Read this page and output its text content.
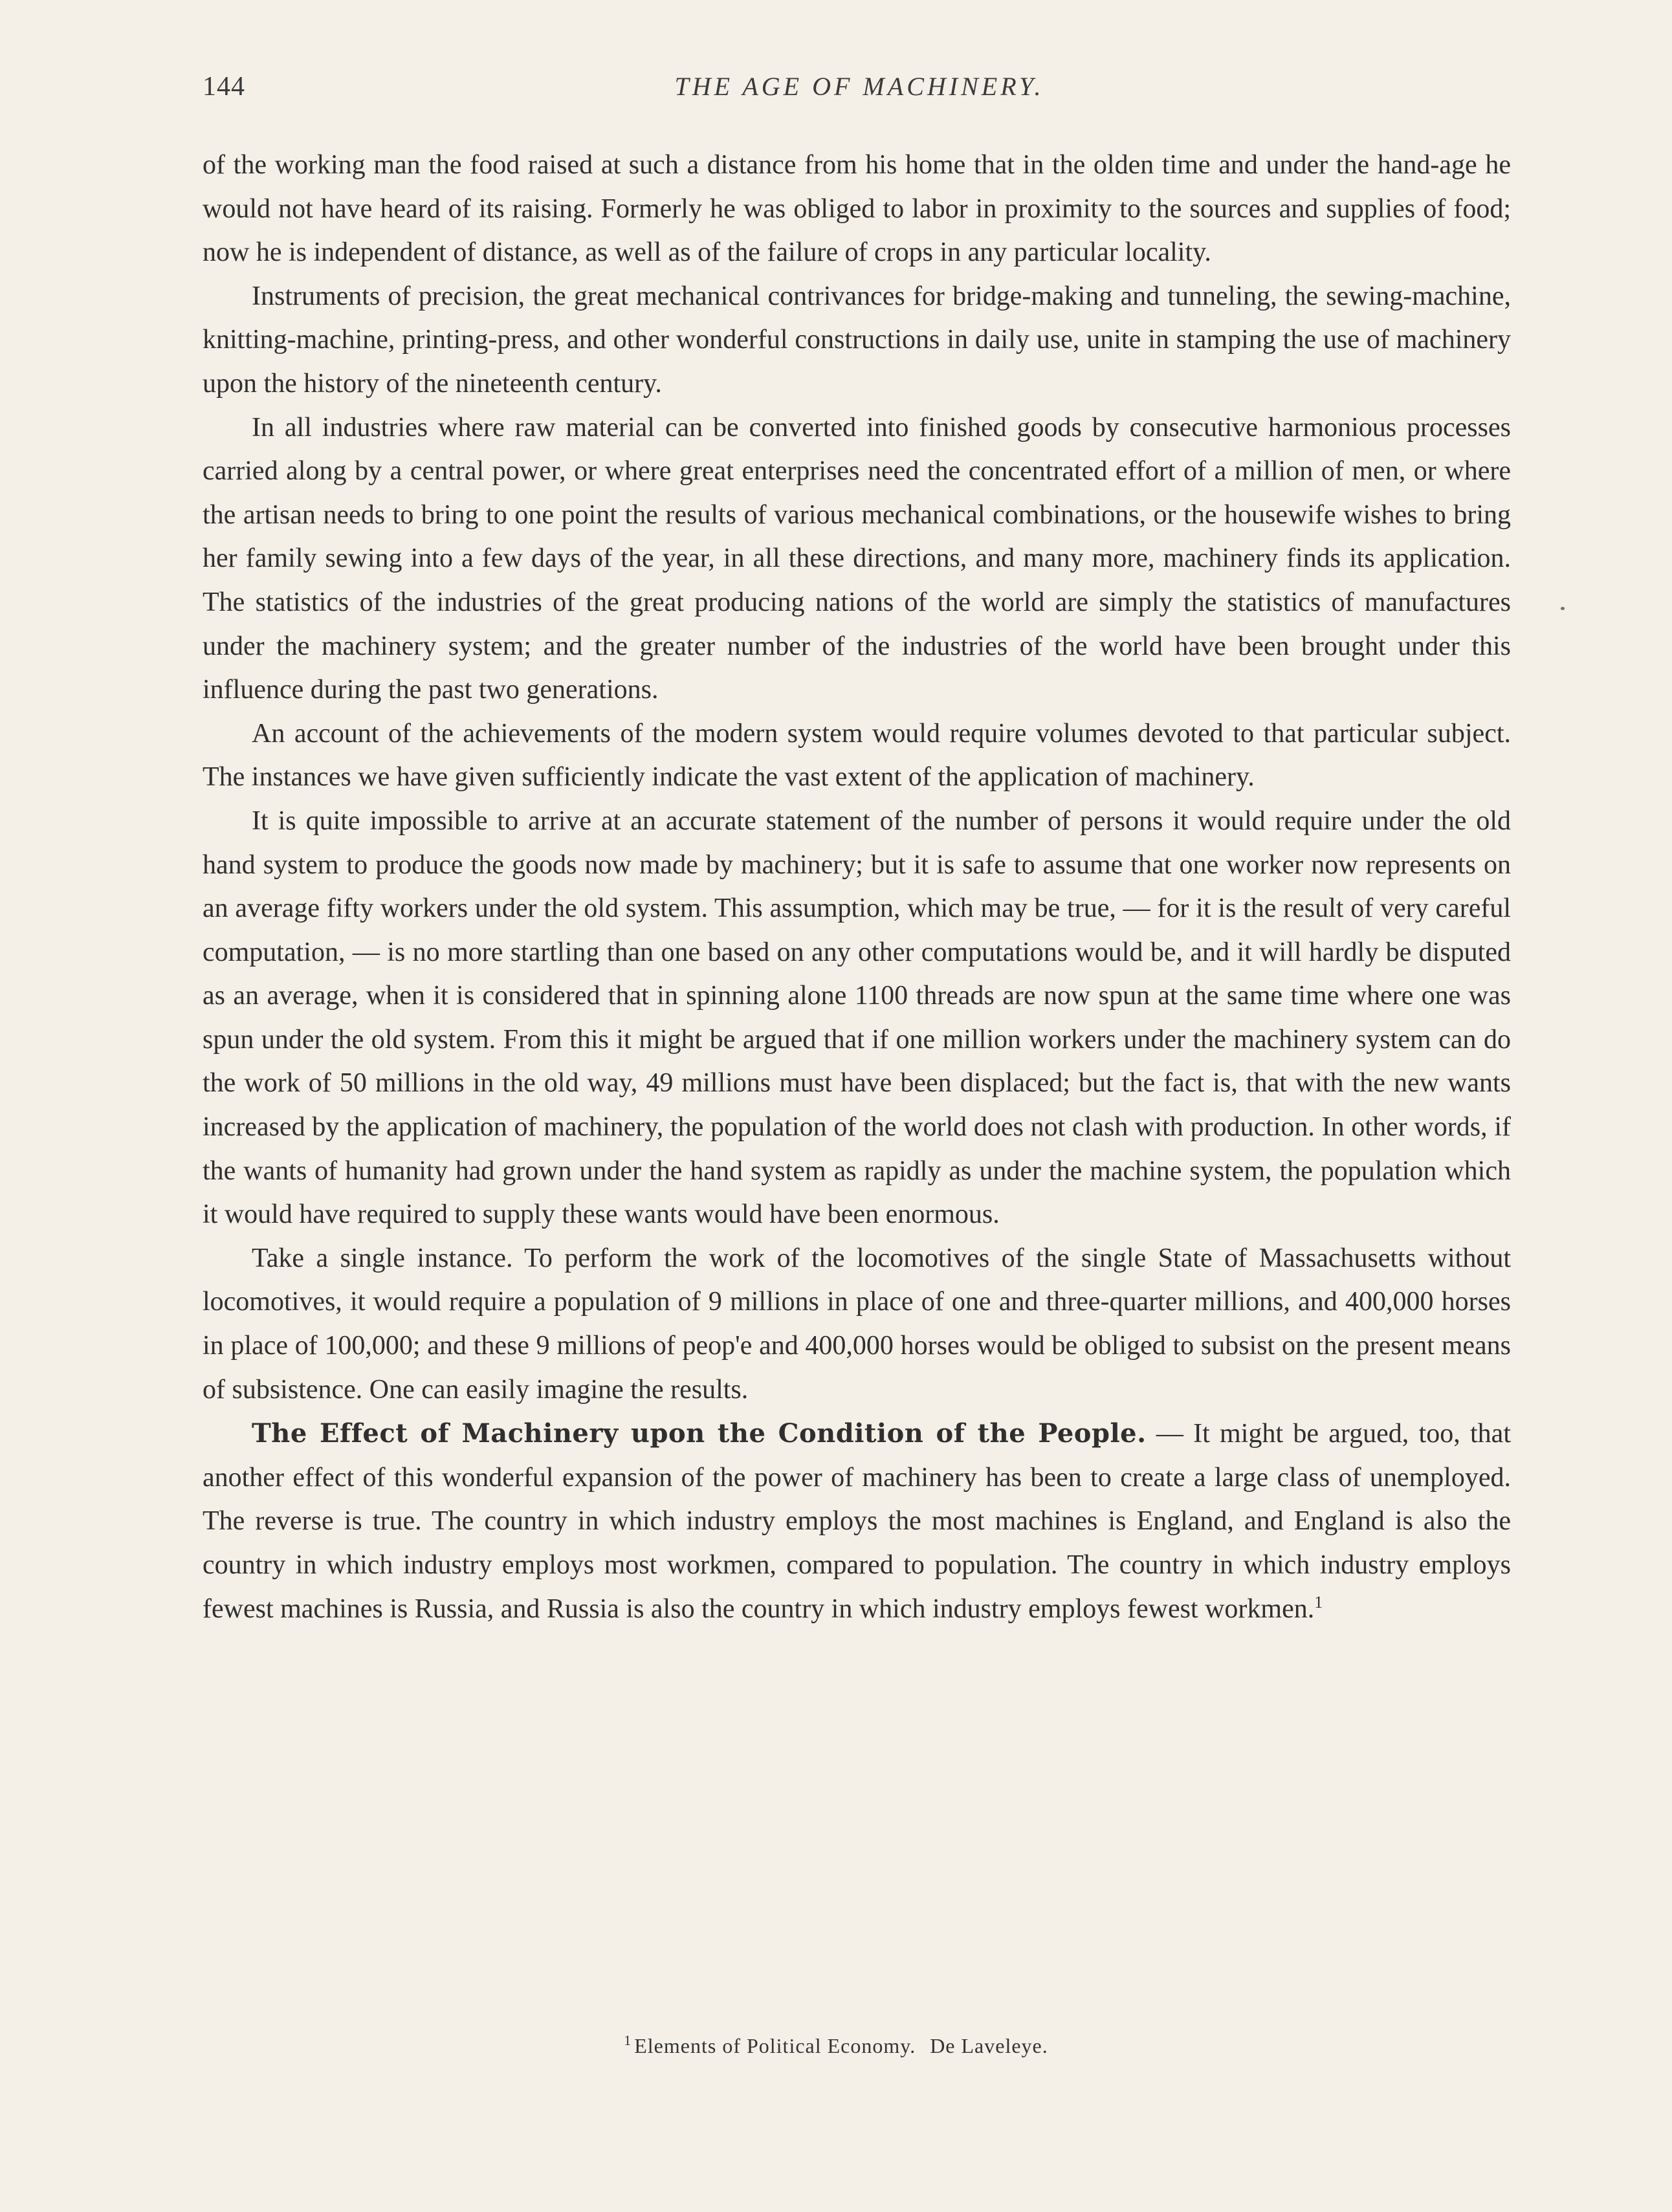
144	THE AGE OF MACHINERY.

of the working man the food raised at such a distance from his home that in the olden time and under the hand-age he would not have heard of its raising. Formerly he was obliged to labor in proximity to the sources and supplies of food; now he is independent of distance, as well as of the failure of crops in any particular locality.

Instruments of precision, the great mechanical contrivances for bridge-making and tunneling, the sewing-machine, knitting-machine, printing-press, and other wonderful constructions in daily use, unite in stamping the use of machinery upon the history of the nineteenth century.

In all industries where raw material can be converted into finished goods by consecutive harmonious processes carried along by a central power, or where great enterprises need the concentrated effort of a million of men, or where the artisan needs to bring to one point the results of various mechanical combinations, or the housewife wishes to bring her family sewing into a few days of the year, in all these directions, and many more, machinery finds its application. The statistics of the industries of the great producing nations of the world are simply the statistics of manufactures under the machinery system; and the greater number of the industries of the world have been brought under this influence during the past two generations.

An account of the achievements of the modern system would require volumes devoted to that particular subject. The instances we have given sufficiently indicate the vast extent of the application of machinery.

It is quite impossible to arrive at an accurate statement of the number of persons it would require under the old hand system to produce the goods now made by machinery; but it is safe to assume that one worker now represents on an average fifty workers under the old system. This assumption, which may be true, — for it is the result of very careful computation, — is no more startling than one based on any other computations would be, and it will hardly be disputed as an average, when it is considered that in spinning alone 1100 threads are now spun at the same time where one was spun under the old system. From this it might be argued that if one million workers under the machinery system can do the work of 50 millions in the old way, 49 millions must have been displaced; but the fact is, that with the new wants increased by the application of machinery, the population of the world does not clash with production. In other words, if the wants of humanity had grown under the hand system as rapidly as under the machine system, the population which it would have required to supply these wants would have been enormous.

Take a single instance. To perform the work of the locomotives of the single State of Massachusetts without locomotives, it would require a population of 9 millions in place of one and three-quarter millions, and 400,000 horses in place of 100,000; and these 9 millions of peop'e and 400,000 horses would be obliged to subsist on the present means of subsistence. One can easily imagine the results.

The Effect of Machinery upon the Condition of the People. — It might be argued, too, that another effect of this wonderful expansion of the power of machinery has been to create a large class of unemployed. The reverse is true. The country in which industry employs the most machines is England, and England is also the country in which industry employs most workmen, compared to population. The country in which industry employs fewest machines is Russia, and Russia is also the country in which industry employs fewest workmen.$^1$

$^1$ Elements of Political Economy. De Laveleye.
